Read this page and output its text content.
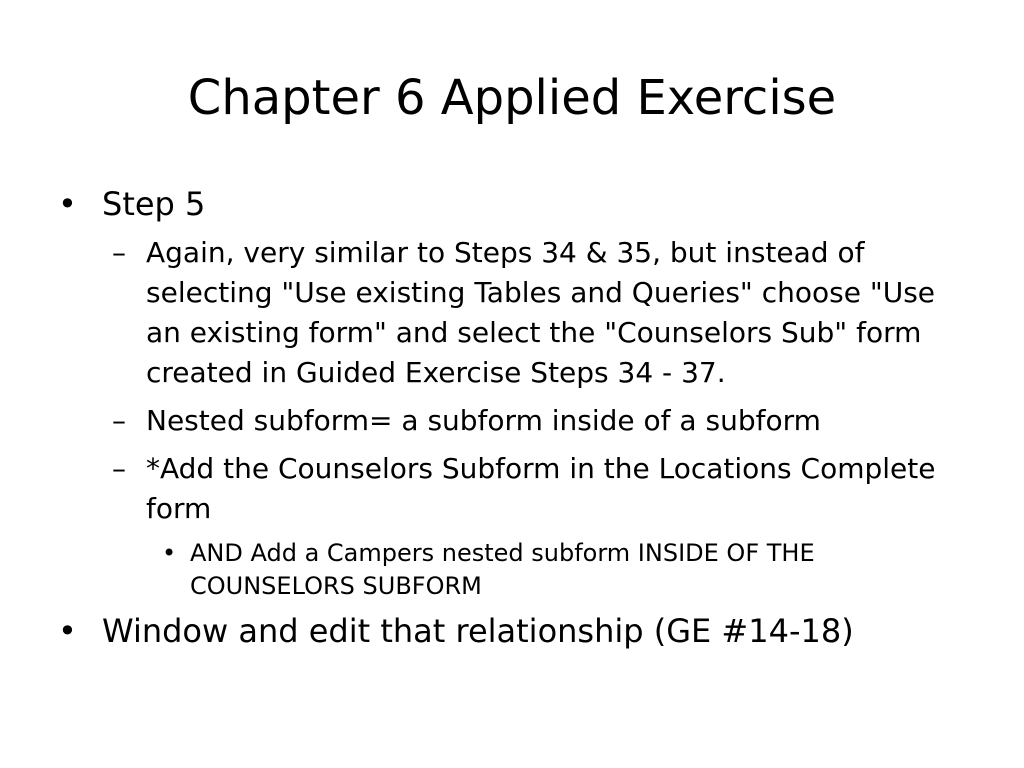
Chapter 6 Applied Exercise
• Step 5
– Again, very similar to Steps 34 & 35, but instead of selecting "Use existing Tables and Queries" choose "Use an existing form" and select the "Counselors Sub" form created in Guided Exercise Steps 34 - 37.
– Nested subform= a subform inside of a subform
– *Add the Counselors Subform in the Locations Complete form
• AND Add a Campers nested subform INSIDE OF THE COUNSELORS SUBFORM
• Window and edit that relationship (GE #14-18)
